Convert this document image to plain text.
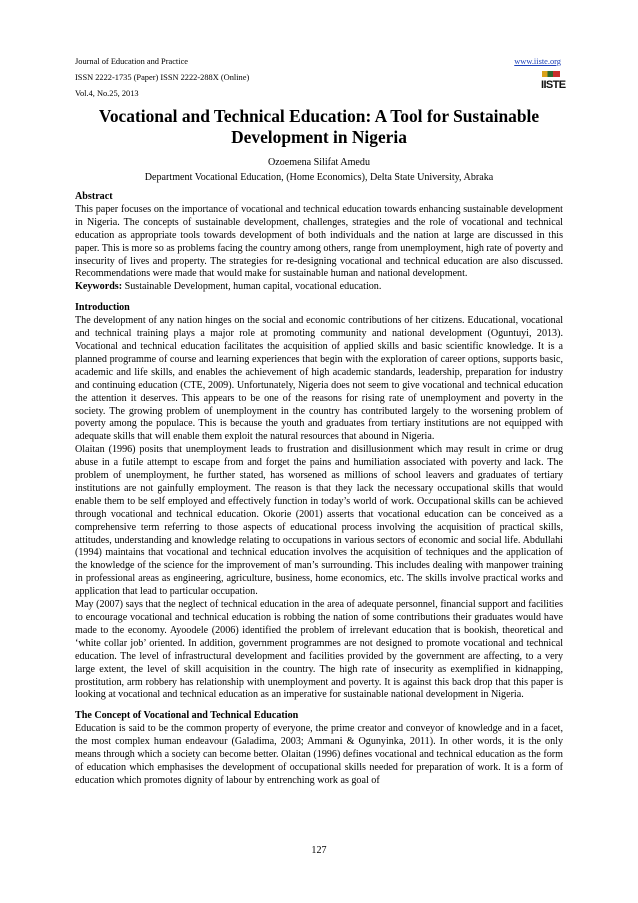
Journal of Education and Practice
ISSN 2222-1735 (Paper) ISSN 2222-288X (Online)
Vol.4, No.25, 2013
www.iiste.org
IISTE
Vocational and Technical Education: A Tool for Sustainable
Development in Nigeria
Ozoemena Silifat Amedu
Department Vocational Education, (Home Economics), Delta State University, Abraka

Abstract

This paper focuses on the importance of vocational and technical education towards enhancing sustainable development in Nigeria. The concepts of sustainable development, challenges, strategies and the role of vocational and technical education as appropriate tools towards development of both individuals and the nation at large are discussed in this paper. This is more so as problems facing the country among others, range from unemployment, high rate of poverty and insecurity of lives and property. The strategies for re-designing vocational and technical education are also discussed. Recommendations were made that would make for sustainable human and national development.

Keywords: Sustainable Development, human capital, vocational education.

Introduction

The development of any nation hinges on the social and economic contributions of her citizens. Educational, vocational and technical training plays a major role at promoting community and national development (Oguntuyi, 2013). Vocational and technical education facilitates the acquisition of applied skills and basic scientific knowledge. It is a planned programme of course and learning experiences that begin with the exploration of career options, supports basic, academic and life skills, and enables the achievement of high academic standards, leadership, preparation for industry and continuing education (CTE, 2009). Unfortunately, Nigeria does not seem to give vocational and technical education the attention it deserves. This appears to be one of the reasons for rising rate of unemployment and poverty in the society. The growing problem of unemployment in the country has contributed largely to the worsening problem of poverty among the populace. This is because the youth and graduates from tertiary institutions are not equipped with adequate skills that will enable them exploit the natural resources that abound in Nigeria.

Olaitan (1996) posits that unemployment leads to frustration and disillusionment which may result in crime or drug abuse in a futile attempt to escape from and forget the pains and humiliation associated with poverty and lack. The problem of unemployment, he further stated, has worsened as millions of school leavers and graduates of tertiary institutions are not gainfully employment. The reason is that they lack the necessary occupational skills that would enable them to be self employed and effectively function in today’s world of work. Occupational skills can be achieved through vocational and technical education. Okorie (2001) asserts that vocational education can be conceived as a comprehensive term referring to those aspects of educational process involving the acquisition of practical skills, attitudes, understanding and knowledge relating to occupations in various sectors of economic and social life. Abdullahi (1994) maintains that vocational and technical education involves the acquisition of techniques and the application of the knowledge of the science for the improvement of man’s surrounding. This includes dealing with manpower training in professional areas as engineering, agriculture, business, home economics, etc. The skills involve practical works and application that lead to particular occupation.

May (2007) says that the neglect of technical education in the area of adequate personnel, financial support and facilities to encourage vocational and technical education is robbing the nation of some contributions their graduates would have made to the economy. Ayoodele (2006) identified the problem of irrelevant education that is bookish, theoretical and ‘white collar job’ oriented. In addition, government programmes are not designed to promote vocational and technical education. The level of infrastructural development and facilities provided by the government are affecting, to a very large extent, the level of skill acquisition in the country. The high rate of insecurity as exemplified in kidnapping, prostitution, arm robbery has relationship with unemployment and poverty. It is against this back drop that this paper is looking at vocational and technical education as an imperative for sustainable national development in Nigeria.

The Concept of Vocational and Technical Education

Education is said to be the common property of everyone, the prime creator and conveyor of knowledge and in a facet, the most complex human endeavour (Galadima, 2003; Ammani & Ogunyinka, 2011). In other words, it is the only means through which a society can become better. Olaitan (1996) defines vocational and technical education as the form of education which emphasises the development of occupational skills needed for preparation of work. It is a form of education which promotes dignity of labour by entrenching work as goal of

127
